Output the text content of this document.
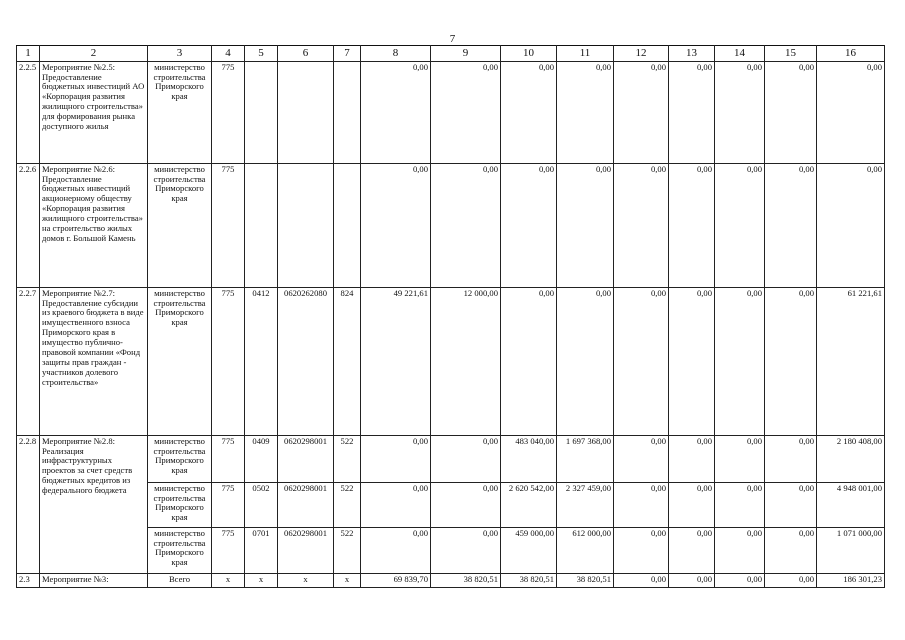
7
1	2	3	4	5	6	7	8	9	10	11	12	13	14	15	16
2.2.5	Мероприятие №2.5: Предоставление бюджетных инвестиций АО «Корпорация развития жилищного строительства» для формирования рынка доступного жилья	министерство строительства Приморского края	775				0,00	0,00	0,00	0,00	0,00	0,00	0,00	0,00	0,00
2.2.6	Мероприятие №2.6: Предоставление бюджетных инвестиций акционерному обществу «Корпорация развития жилищного строительства» на строительство жилых домов г. Большой Камень	министерство строительства Приморского края	775				0,00	0,00	0,00	0,00	0,00	0,00	0,00	0,00	0,00
2.2.7	Мероприятие №2.7: Предоставление субсидии из краевого бюджета в виде имущественного взноса Приморского края в имущество публично-правовой компании «Фонд защиты прав граждан - участников долевого строительства»	министерство строительства Приморского края	775	0412	0620262080	824	49 221,61	12 000,00	0,00	0,00	0,00	0,00	0,00	0,00	61 221,61
2.2.8	Мероприятие №2.8: Реализация инфраструктурных проектов за счет средств бюджетных кредитов из федерального бюджета	министерство строительства Приморского края	775	0409	0620298001	522	0,00	0,00	483 040,00	1 697 368,00	0,00	0,00	0,00	0,00	2 180 408,00
		министерство строительства Приморского края	775	0502	0620298001	522	0,00	0,00	2 620 542,00	2 327 459,00	0,00	0,00	0,00	0,00	4 948 001,00
		министерство строительства Приморского края	775	0701	0620298001	522	0,00	0,00	459 000,00	612 000,00	0,00	0,00	0,00	0,00	1 071 000,00
2.3	Мероприятие №3:	Всего	x	x	x	x	69 839,70	38 820,51	38 820,51	38 820,51	0,00	0,00	0,00	0,00	186 301,23
